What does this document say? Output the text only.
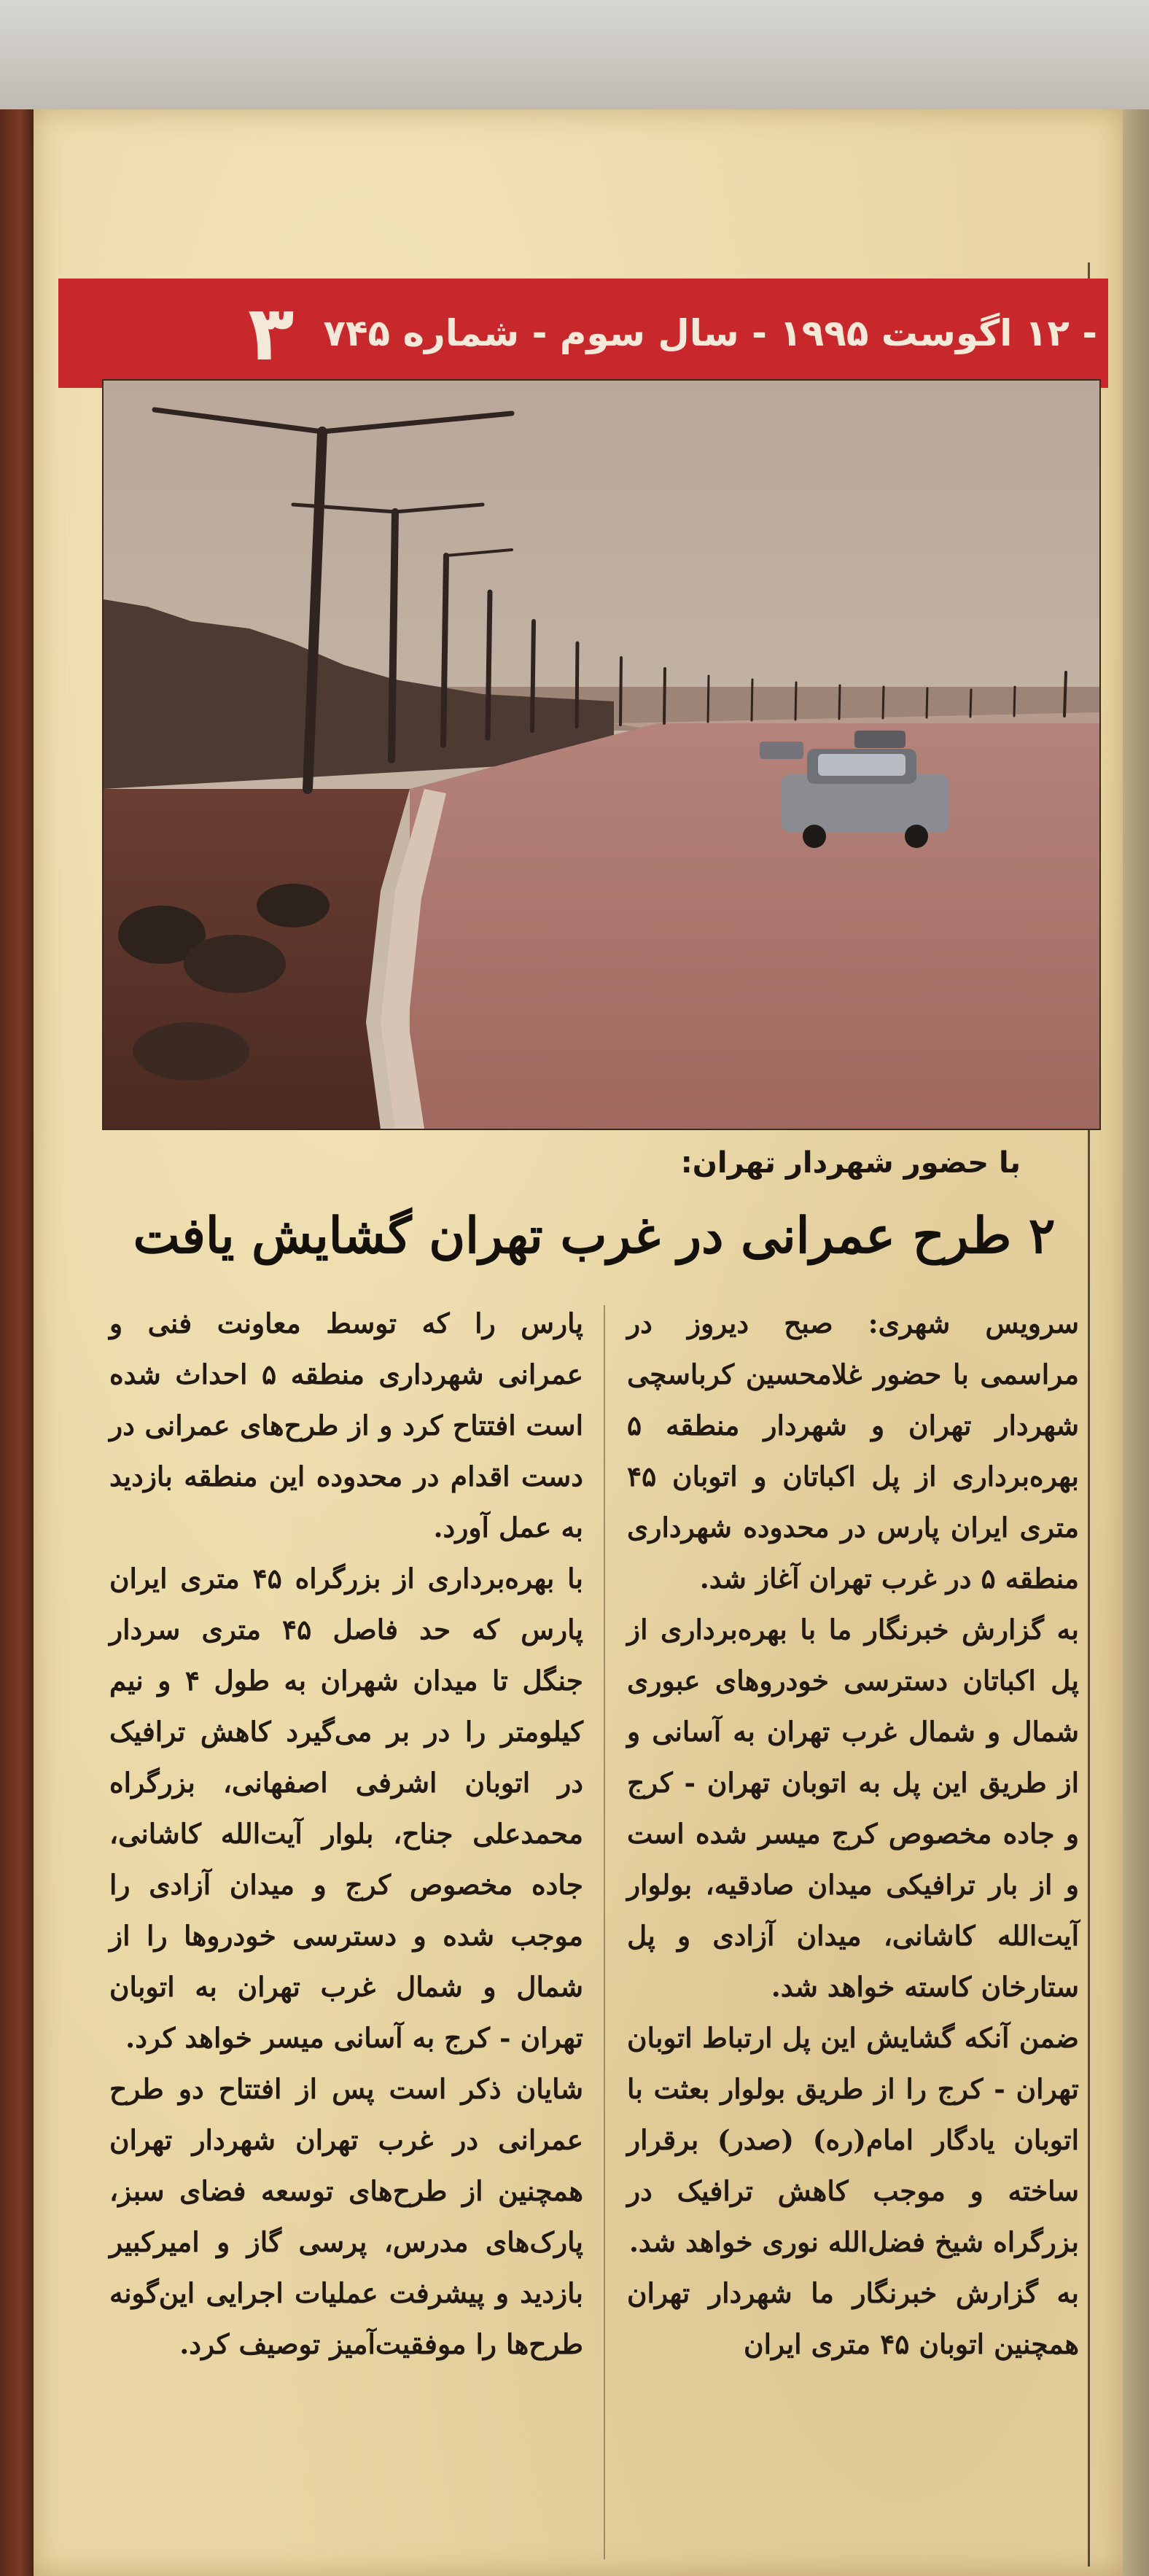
- ۱۲ اگوست ۱۹۹۵ - سال سوم - شماره ۷۴۵
۳
با حضور شهردار تهران:
۲ طرح عمرانی در غرب تهران گشایش یافت

سرویس شهری: صبح دیروز در مراسمی با حضور غلامحسین کرباسچی شهردار تهران و شهردار منطقه ۵ بهره‌برداری از پل اکباتان و اتوبان ۴۵ متری ایران پارس در محدوده شهرداری منطقه ۵ در غرب تهران آغاز شد.

به گزارش خبرنگار ما با بهره‌برداری از پل اکباتان دسترسی خودروهای عبوری شمال و شمال غرب تهران به آسانی و از طریق این پل به اتوبان تهران - کرج و جاده مخصوص کرج میسر شده است و از بار ترافیکی میدان صادقیه، بولوار آیت‌الله کاشانی، میدان آزادی و پل ستارخان کاسته خواهد شد.

ضمن آنکه گشایش این پل ارتباط اتوبان تهران - کرج را از طریق بولوار بعثت با اتوبان یادگار امام(ره) (صدر) برقرار ساخته و موجب کاهش ترافیک در بزرگراه شیخ فضل‌الله نوری خواهد شد.

به گزارش خبرنگار ما شهردار تهران همچنین اتوبان ۴۵ متری ایران

پارس را که توسط معاونت فنی و عمرانی شهرداری منطقه ۵ احداث شده است افتتاح کرد و از طرح‌های عمرانی در دست اقدام در محدوده این منطقه بازدید به عمل آورد.

با بهره‌برداری از بزرگراه ۴۵ متری ایران پارس که حد فاصل ۴۵ متری سردار جنگل تا میدان شهران به طول ۴ و نیم کیلومتر را در بر می‌گیرد کاهش ترافیک در اتوبان اشرفی اصفهانی، بزرگراه محمدعلی جناح، بلوار آیت‌الله کاشانی، جاده مخصوص کرج و میدان آزادی را موجب شده و دسترسی خودروها را از شمال و شمال غرب تهران به اتوبان تهران - کرج به آسانی میسر خواهد کرد.

شایان ذکر است پس از افتتاح دو طرح عمرانی در غرب تهران شهردار تهران همچنین از طرح‌های توسعه فضای سبز، پارک‌های مدرس، پرسی گاز و امیرکبیر بازدید و پیشرفت عملیات اجرایی این‌گونه طرح‌ها را موفقیت‌آمیز توصیف کرد.
